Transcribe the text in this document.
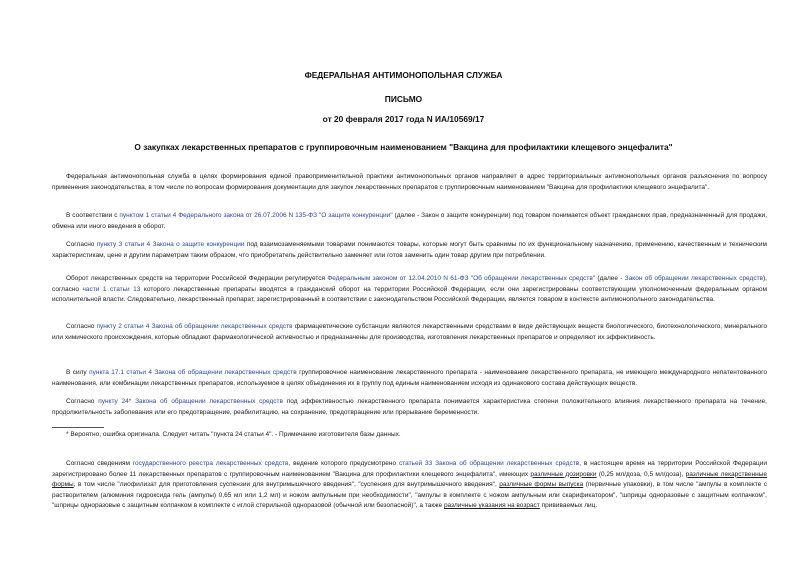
ФЕДЕРАЛЬНАЯ АНТИМОНОПОЛЬНАЯ СЛУЖБА
ПИСЬМО
от 20 февраля 2017 года N ИА/10569/17
О закупках лекарственных препаратов с группировочным наименованием "Вакцина для профилактики клещевого энцефалита"
Федеральная антимонопольная служба в целях формирования единой правоприменительной практики антимонопольных органов направляет в адрес территориальных антимонопольных органов разъяснения по вопросу применения законодательства, в том числе по вопросам формирования документации для закупок лекарственных препаратов с группировочным наименованием "Вакцина для профилактики клещевого энцефалита".
В соответствии с пунктом 1 статьи 4 Федерального закона от 26.07.2006 N 135-ФЗ "О защите конкуренции" (далее - Закон о защите конкуренции) под товаром понимается объект гражданских прав, предназначенный для продажи, обмена или иного введения в оборот.
Согласно пункту 3 статьи 4 Закона о защите конкуренции под взаимозаменяемыми товарами понимаются товары, которые могут быть сравнимы по их функциональному назначению, применению, качественным и техническим характеристикам, цене и другим параметрам таким образом, что приобретатель действительно заменяет или готов заменить один товар другим при потреблении.
Оборот лекарственных средств на территории Российской Федерации регулируется Федеральным законом от 12.04.2010 N 61-ФЗ "Об обращении лекарственных средств" (далее - Закон об обращении лекарственных средств), согласно части 1 статьи 13 которого лекарственные препараты вводятся в гражданский оборот на территории Российской Федерации, если они зарегистрированы соответствующим уполномоченным федеральным органом исполнительной власти. Следовательно, лекарственный препарат, зарегистрированный в соответствии с законодательством Российской Федерации, является товаром в контексте антимонопольного законодательства.
Согласно пункту 2 статьи 4 Закона об обращении лекарственных средств фармацевтические субстанции являются лекарственными средствами в виде действующих веществ биологического, биотехнологического, минерального или химического происхождения, которые обладают фармакологической активностью и предназначены для производства, изготовления лекарственных препаратов и определяют их эффективность.
В силу пункта 17.1 статьи 4 Закона об обращении лекарственных средств группировочное наименование лекарственного препарата - наименование лекарственного препарата, не имеющего международного непатентованного наименования, или комбинации лекарственных препаратов, используемое в целях объединения их в группу под единым наименованием исходя из одинакового состава действующих веществ.
Согласно пункту 24* Закона об обращении лекарственных средств под эффективностью лекарственного препарата понимается характеристика степени положительного влияния лекарственного препарата на течение, продолжительность заболевания или его предотвращение, реабилитацию, на сохранение, предотвращение или прерывание беременности.
* Вероятно, ошибка оригинала. Следует читать "пункта 24 статьи 4". - Примечание изготовителя базы данных.
Согласно сведениям государственного реестра лекарственных средств, ведение которого предусмотрено статьей 33 Закона об обращении лекарственных средств, в настоящее время на территории Российской Федерации зарегистрировано более 11 лекарственных препаратов с группировочным наименованием "Вакцина для профилактики клещевого энцефалита", имеющих различные дозировки (0,25 мл/доза, 0,5 мл/доза), различные лекарственные формы, в том числе "лиофилизат для приготовления суспензии для внутримышечного введения", "суспензия для внутримышечного введения", различные формы выпуска (первичные упаковки), в том числе "ампулы в комплекте с растворителем (алюминия гидроксида гель (ампулы) 0,65 мл или 1,2 мл) и ножом ампульным при необходимости", "ампулы в комплекте с ножом ампульным или скарификатором", "шприцы одноразовые с защитным колпачком", "шприцы одноразовые с защитным колпачком в комплекте с иглой стерильной одноразовой (обычной или безопасной)", а также различные указания на возраст прививаемых лиц.
